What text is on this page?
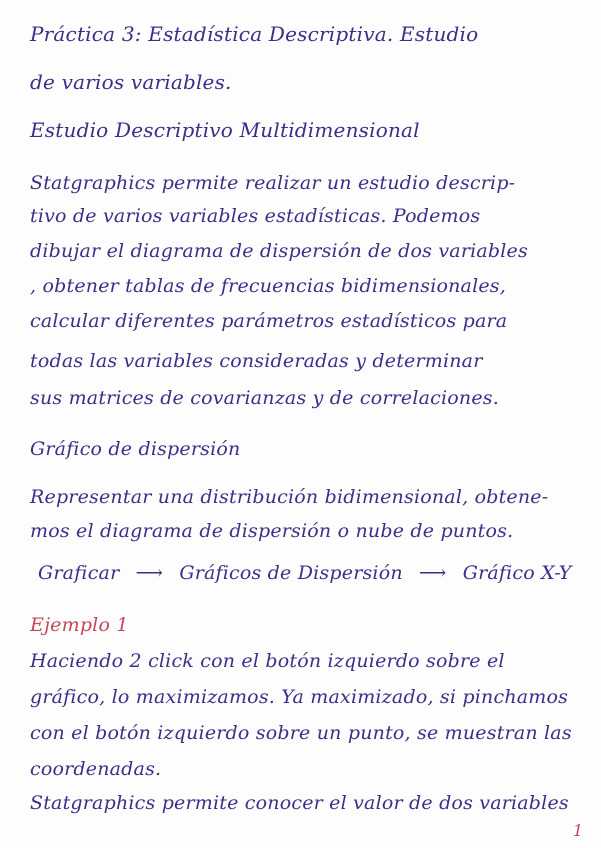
Práctica 3: Estadística Descriptiva. Estudio
de varios variables.
Estudio Descriptivo Multidimensional
Statgraphics permite realizar un estudio descrip-
tivo de varios variables estadísticas. Podemos
dibujar el diagrama de dispersión de dos variables
, obtener tablas de frecuencias bidimensionales,
calcular diferentes parámetros estadísticos para
todas las variables consideradas y determinar
sus matrices de covarianzas y de correlaciones.
Gráfico de dispersión
Representar una distribución bidimensional, obtene-
mos el diagrama de dispersión o nube de puntos.
Graficar ⟶ Gráficos de Dispersión ⟶ Gráfico X-Y
Ejemplo 1
Haciendo 2 click con el botón izquierdo sobre el
gráfico, lo maximizamos. Ya maximizado, si pinchamos
con el botón izquierdo sobre un punto, se muestran las
coordenadas.
Statgraphics permite conocer el valor de dos variables
1
